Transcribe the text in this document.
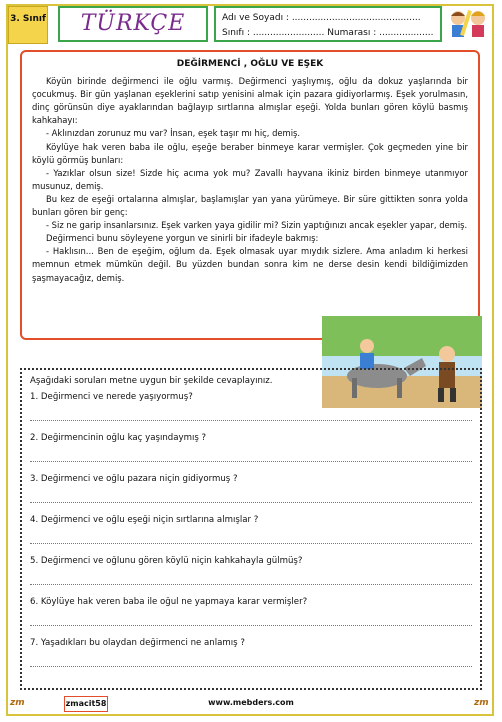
3. Sınıf	TÜRKÇE	Adı ve Soyadı : .............................................
Sınıfı : ......................... Numarası : ...................
DEĞİRMENCİ , OĞLU VE EŞEK

Köyün birinde değirmenci ile oğlu varmış. Değirmenci yaşlıymış, oğlu da dokuz yaşlarında bir çocukmuş. Bir gün yaşlanan eşeklerini satıp yenisini almak için pazara gidiyorlarmış. Eşek yorulmasın, dinç görünsün diye ayaklarından bağlayıp sırtlarına almışlar eşeği. Yolda bunları gören köylü basmış kahkahayı:

- Aklınızdan zorunuz mu var? İnsan, eşek taşır mı hiç, demiş.

Köylüye hak veren baba ile oğlu, eşeğe beraber binmeye karar vermişler. Çok geçmeden yine bir köylü görmüş bunları:

- Yazıklar olsun size! Sizde hiç acıma yok mu? Zavallı hayvana ikiniz birden binmeye utanmıyor musunuz, demiş.

Bu kez de eşeği ortalarına almışlar, başlamışlar yan yana yürümeye. Bir süre gittikten sonra yolda bunları gören bir genç:

- Siz ne garip insanlarsınız. Eşek varken yaya gidilir mi? Sizin yaptığınızı ancak eşekler yapar, demiş.

Değirmenci bunu söyleyene yorgun ve sinirli bir ifadeyle bakmış:

- Haklısın... Ben de eşeğim, oğlum da. Eşek olmasak uyar mıydık sizlere. Ama anladım ki herkesi memnun etmek mümkün değil. Bu yüzden bundan sonra kim ne derse desin kendi bildiğimizden şaşmayacağız, demiş.

Aşağıdaki soruları metne uygun bir şekilde cevaplayınız.
1. Değirmenci ve nerede yaşıyormuş?
2. Değirmencinin oğlu kaç yaşındaymış ?
3. Değirmenci ve oğlu pazara niçin gidiyormuş ?
4. Değirmenci ve oğlu eşeği niçin sırtlarına almışlar ?
5. Değirmenci ve oğlunu gören köylü niçin kahkahayla gülmüş?
6. Köylüye hak veren baba ile oğul ne yapmaya karar vermişler?
7. Yaşadıkları bu olaydan değirmenci ne anlamış ?
zm	zmacit58	www.mebders.com	zm
